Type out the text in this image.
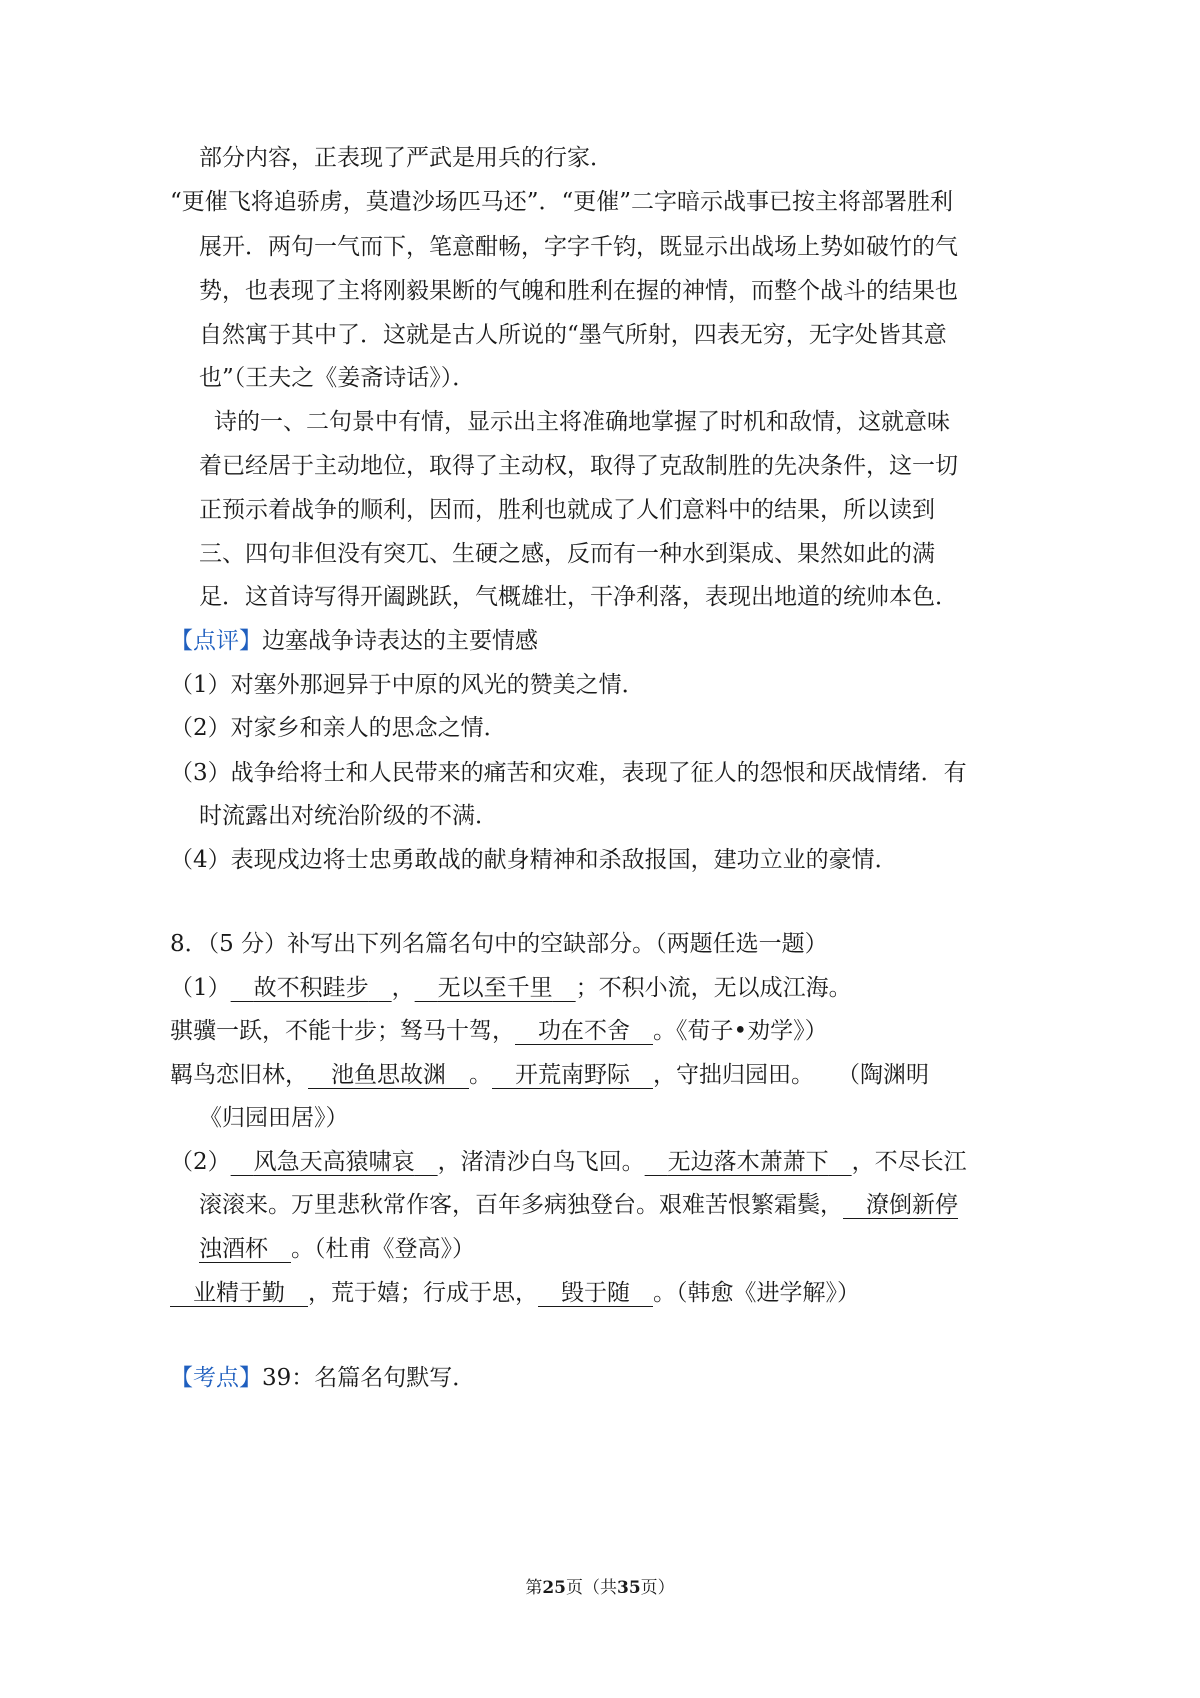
部分内容，正表现了严武是用兵的行家．
“更催飞将追骄虏，莫遣沙场匹马还”．“更催”二字暗示战事已按主将部署胜利
展开．两句一气而下，笔意酣畅，字字千钧，既显示出战场上势如破竹的气
势，也表现了主将刚毅果断的气魄和胜利在握的神情，而整个战斗的结果也
自然寓于其中了．这就是古人所说的“墨气所射，四表无穷，无字处皆其意
也”（王夫之《姜斋诗话》）．
诗的一、二句景中有情，显示出主将准确地掌握了时机和敌情，这就意味
着已经居于主动地位，取得了主动权，取得了克敌制胜的先决条件，这一切
正预示着战争的顺利，因而，胜利也就成了人们意料中的结果，所以读到
三、四句非但没有突兀、生硬之感，反而有一种水到渠成、果然如此的满
足．这首诗写得开阖跳跃，气概雄壮，干净利落，表现出地道的统帅本色．
【点评】边塞战争诗表达的主要情感
（1）对塞外那迥异于中原的风光的赞美之情．
（2）对家乡和亲人的思念之情．
（3）战争给将士和人民带来的痛苦和灾难，表现了征人的怨恨和厌战情绪．有
时流露出对统治阶级的不满．
（4）表现戍边将士忠勇敢战的献身精神和杀敌报国，建功立业的豪情．
8．（5 分）补写出下列名篇名句中的空缺部分。（两题任选一题）
（1）   故不积跬步   ，   无以至千里   ；不积小流，无以成江海。
骐骥一跃，不能十步；驽马十驾，   功在不舍   。《荀子•劝学》）
羁鸟恋旧林，   池鱼思故渊   。   开荒南野际   ，守拙归园田。　　（陶渊明
《归园田居》）
（2）   风急天高猿啸哀   ，渚清沙白鸟飞回。   无边落木萧萧下   ，不尽长江
滚滚来。万里悲秋常作客，百年多病独登台。艰难苦恨繁霜鬓，   潦倒新停
浊酒杯   。（杜甫《登高》）
  业精于勤   ，荒于嬉；行成于思，   毁于随   。（韩愈《进学解》）
【考点】39：名篇名句默写．
第25页（共35页）
